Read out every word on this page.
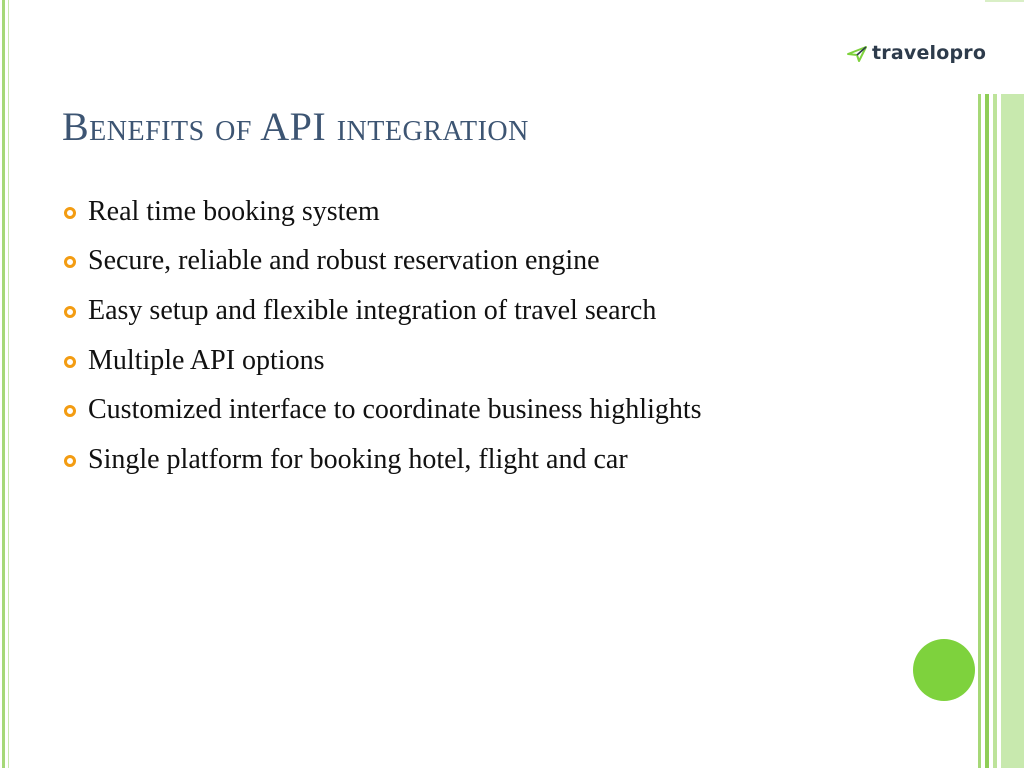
travelopro
Benefits of API integration
Real time booking system
Secure, reliable and robust reservation engine
Easy setup and flexible integration of travel search
Multiple API options
Customized interface to coordinate business highlights
Single platform for booking hotel, flight and car
